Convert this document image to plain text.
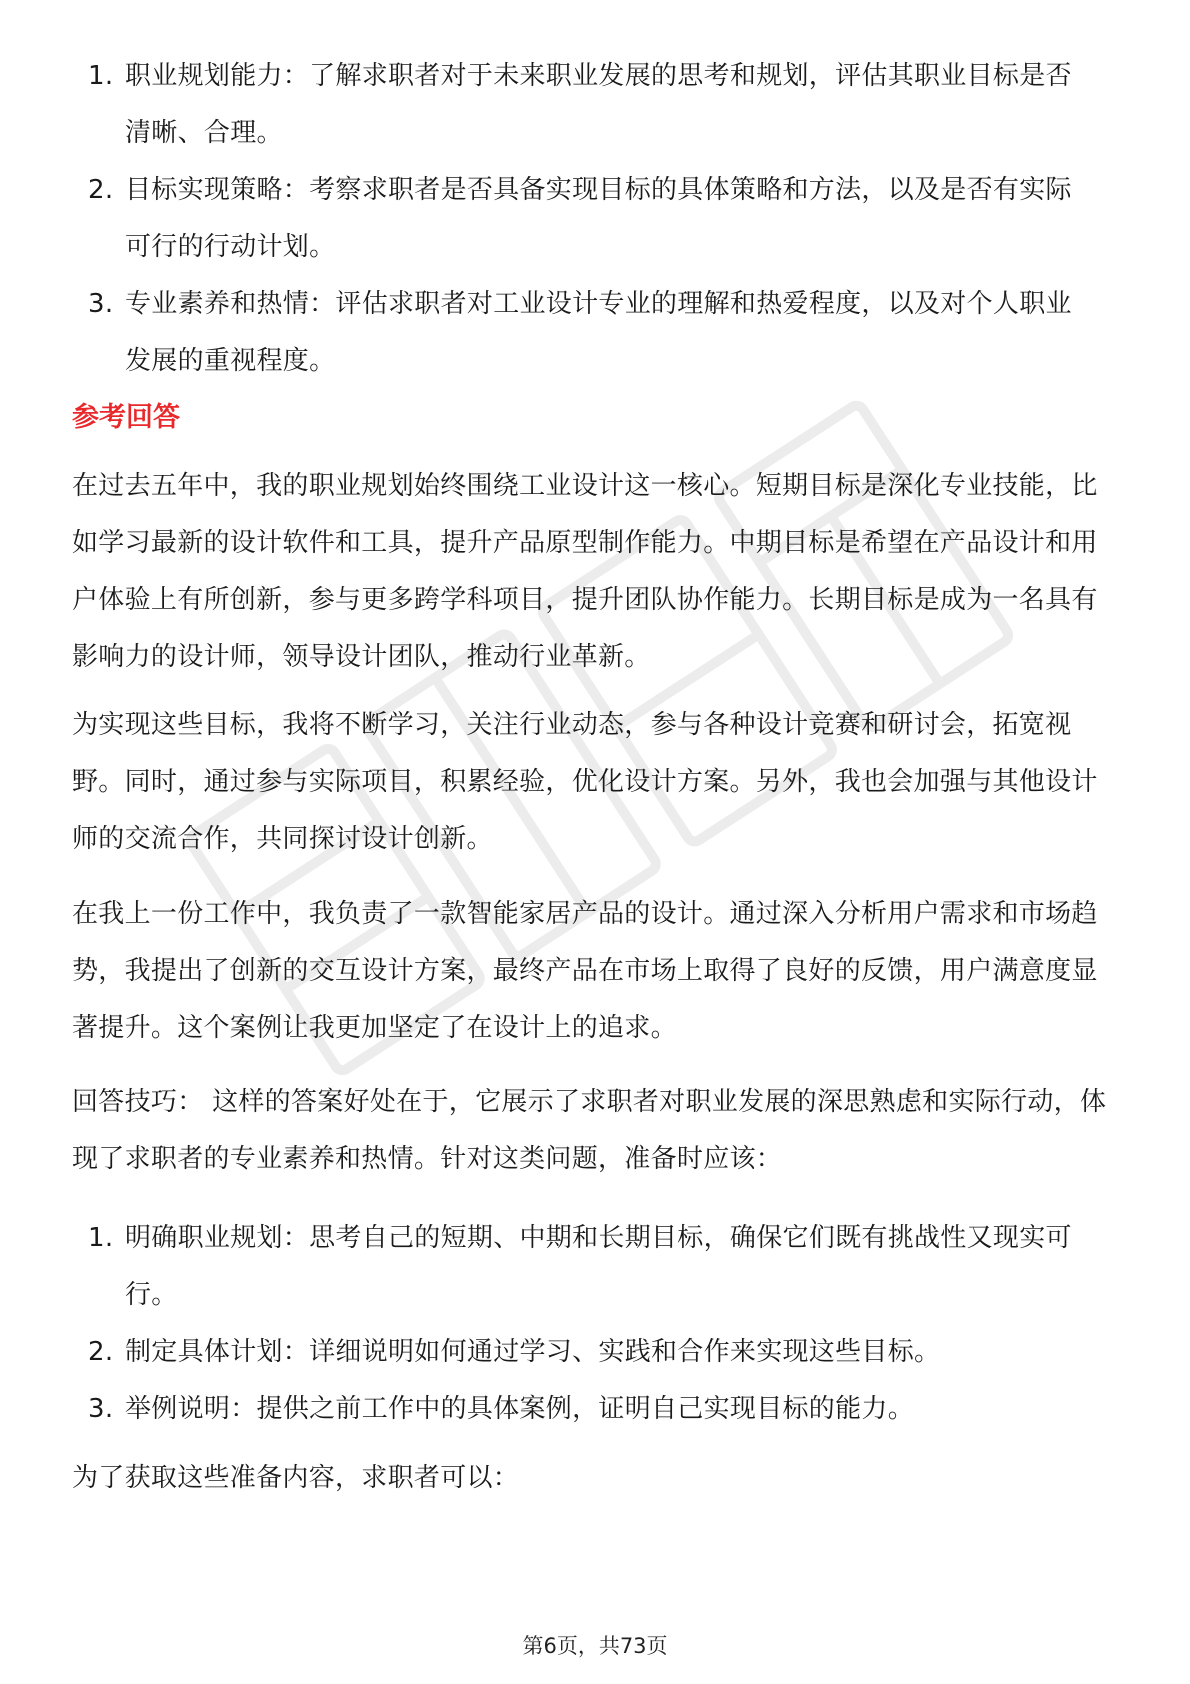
1. 职业规划能力：了解求职者对于未来职业发展的思考和规划，评估其职业目标是否清晰、合理。
2. 目标实现策略：考察求职者是否具备实现目标的具体策略和方法，以及是否有实际可行的行动计划。
3. 专业素养和热情：评估求职者对工业设计专业的理解和热爱程度，以及对个人职业发展的重视程度。
参考回答
在过去五年中，我的职业规划始终围绕工业设计这一核心。短期目标是深化专业技能，比如学习最新的设计软件和工具，提升产品原型制作能力。中期目标是希望在产品设计和用户体验上有所创新，参与更多跨学科项目，提升团队协作能力。长期目标是成为一名具有影响力的设计师，领导设计团队，推动行业革新。
为实现这些目标，我将不断学习，关注行业动态，参与各种设计竞赛和研讨会，拓宽视野。同时，通过参与实际项目，积累经验，优化设计方案。另外，我也会加强与其他设计师的交流合作，共同探讨设计创新。
在我上一份工作中，我负责了一款智能家居产品的设计。通过深入分析用户需求和市场趋势，我提出了创新的交互设计方案，最终产品在市场上取得了良好的反馈，用户满意度显著提升。这个案例让我更加坚定了在设计上的追求。
回答技巧： 这样的答案好处在于，它展示了求职者对职业发展的深思熟虑和实际行动，体现了求职者的专业素养和热情。针对这类问题，准备时应该：
1. 明确职业规划：思考自己的短期、中期和长期目标，确保它们既有挑战性又现实可行。
2. 制定具体计划：详细说明如何通过学习、实践和合作来实现这些目标。
3. 举例说明：提供之前工作中的具体案例，证明自己实现目标的能力。
为了获取这些准备内容，求职者可以：
第6页，共73页
